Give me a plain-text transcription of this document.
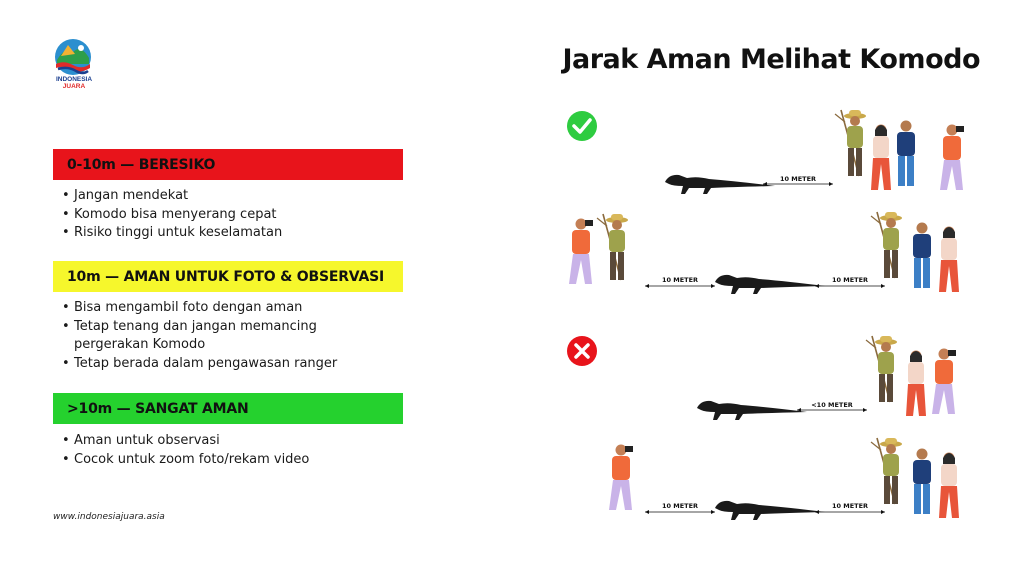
INDONESIA
JUARA
Jarak Aman Melihat Komodo
0-10m — BERESIKO
• Jangan mendekat
• Komodo bisa menyerang cepat
• Risiko tinggi untuk keselamatan
10m — AMAN UNTUK FOTO & OBSERVASI
• Bisa mengambil foto dengan aman
• Tetap tenang dan jangan memancing pergerakan Komodo
• Tetap berada dalam pengawasan ranger
>10m — SANGAT AMAN
• Aman untuk observasi
• Cocok untuk zoom foto/rekam video
www.indonesiajuara.asia
10 METER
10 METER	10 METER
<10 METER
10 METER	10 METER
